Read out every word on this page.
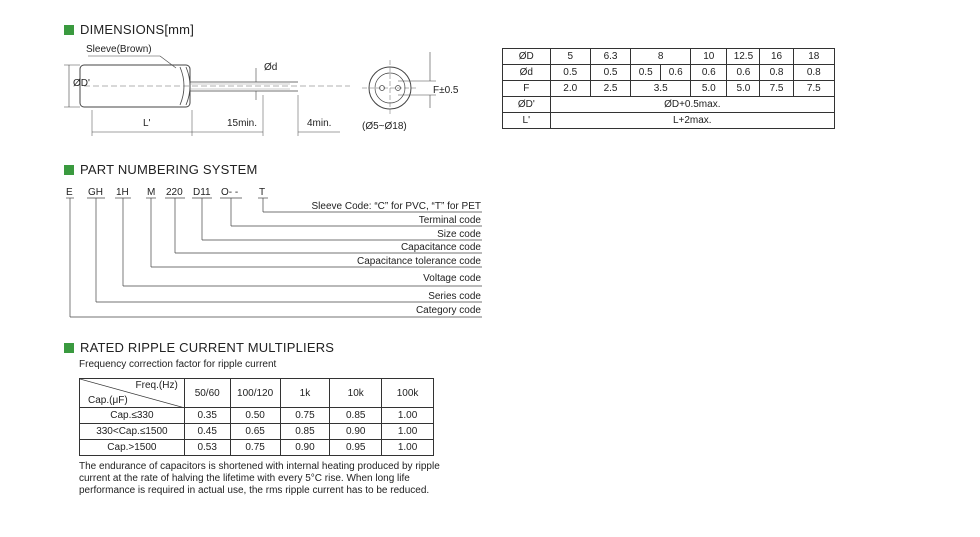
DIMENSIONS[mm]
PART NUMBERING SYSTEM
RATED RIPPLE CURRENT MULTIPLIERS
Sleeve(Brown)
ØD'
Ød
L'	15min.	4min.
F±0.5
(Ø5~Ø18)
ØD	5	6.3	8		10	12.5	16	18
Ød	0.5	0.5	0.5	0.6	0.6	0.6	0.8	0.8
F	2.0	2.5	3.5		5.0	5.0	7.5	7.5
ØD'	ØD+0.5max.							
L'	L+2max.							
E GH 1H M 220 D11 O- - T
Sleeve Code: “C” for PVC, “T” for PET
Terminal code
Size code
Capacitance code
Capacitance tolerance code
Voltage code
Series code
Category code
Frequency correction factor for ripple current
Freq.(Hz)
Cap.(μF)	50/60	100/120	1k	10k	100k
Cap.≤330	0.35	0.50	0.75	0.85	1.00
330<Cap.≤1500	0.45	0.65	0.85	0.90	1.00
Cap.>1500	0.53	0.75	0.90	0.95	1.00
The endurance of capacitors is shortened with internal heating produced by ripple
current at the rate of halving the lifetime with every 5°C rise. When long life
performance is required in actual use, the rms ripple current has to be reduced.
